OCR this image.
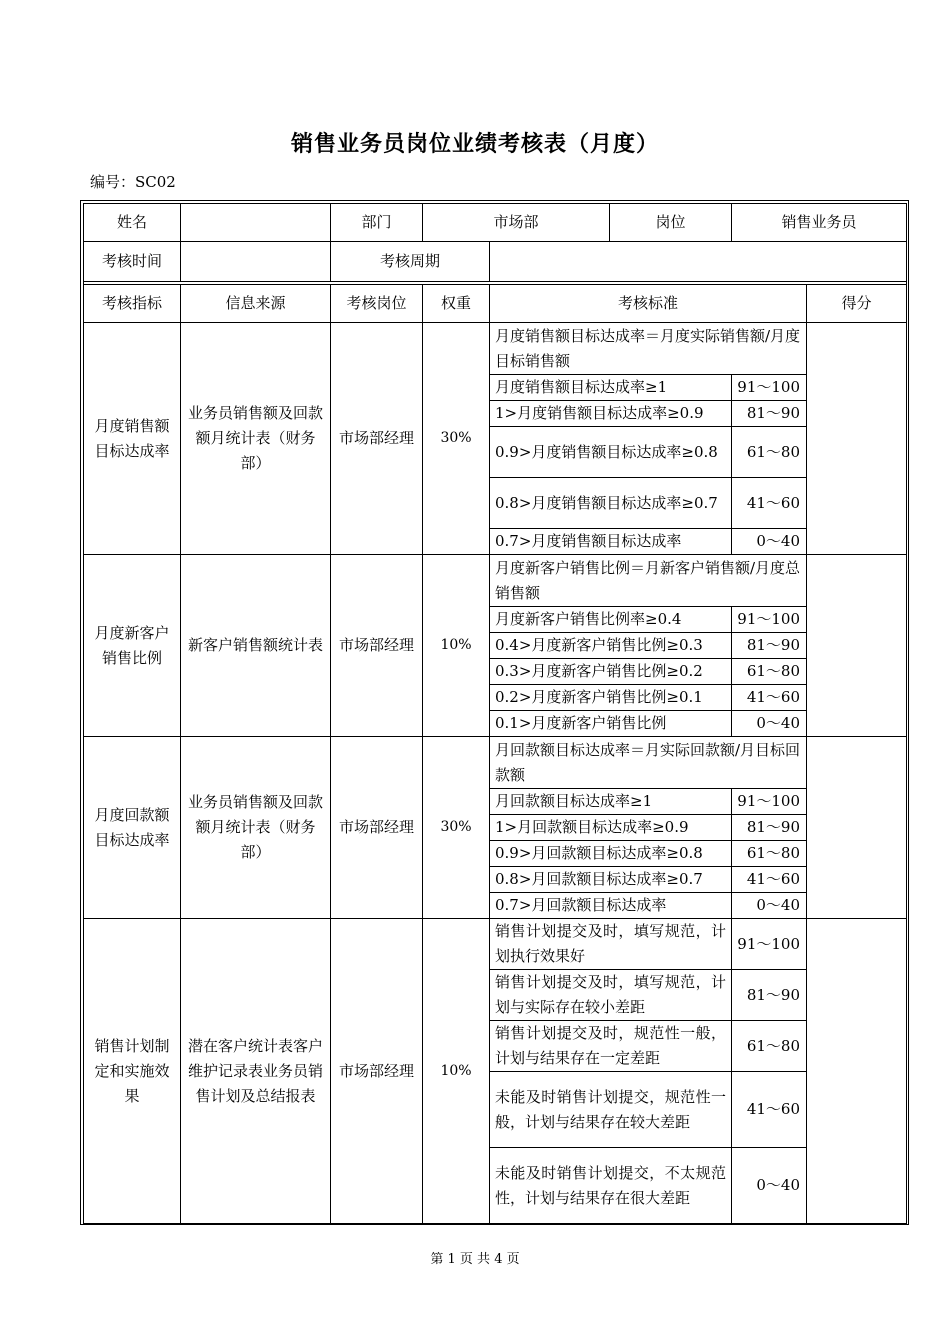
销售业务员岗位业绩考核表（月度）
编号：SC02
姓名		部门	市场部		岗位	销售业务员	
考核时间		考核周期					

考核指标	信息来源	考核岗位	权重	考核标准			得分
月度销售额目标达成率	业务员销售额及回款额月统计表（财务部）	市场部经理	30%	月度销售额目标达成率＝月度实际销售额/月度目标销售额			
				月度销售额目标达成率≥1		91～100	
				1>月度销售额目标达成率≥0.9		81～90	
				0.9>月度销售额目标达成率≥0.8		61～80	
				0.8>月度销售额目标达成率≥0.7		41～60	
				0.7>月度销售额目标达成率		0～40	
月度新客户销售比例	新客户销售额统计表	市场部经理	10%	月度新客户销售比例＝月新客户销售额/月度总销售额			
				月度新客户销售比例率≥0.4		91～100	
				0.4>月度新客户销售比例≥0.3		81～90	
				0.3>月度新客户销售比例≥0.2		61～80	
				0.2>月度新客户销售比例≥0.1		41～60	
				0.1>月度新客户销售比例		0～40	
月度回款额目标达成率	业务员销售额及回款额月统计表（财务部）	市场部经理	30%	月回款额目标达成率＝月实际回款额/月目标回款额			
				月回款额目标达成率≥1		91～100	
				1>月回款额目标达成率≥0.9		81～90	
				0.9>月回款额目标达成率≥0.8		61～80	
				0.8>月回款额目标达成率≥0.7		41～60	
				0.7>月回款额目标达成率		0～40	
销售计划制定和实施效果	潜在客户统计表客户维护记录表业务员销售计划及总结报表	市场部经理	10%	销售计划提交及时，填写规范，计划执行效果好		91～100	
				销售计划提交及时，填写规范，计划与实际存在较小差距		81～90	
				销售计划提交及时，规范性一般，计划与结果存在一定差距		61～80	
				未能及时销售计划提交，规范性一般，计划与结果存在较大差距		41～60	
				未能及时销售计划提交，不太规范性，计划与结果存在很大差距		0～40	
第 1 页 共 4 页
